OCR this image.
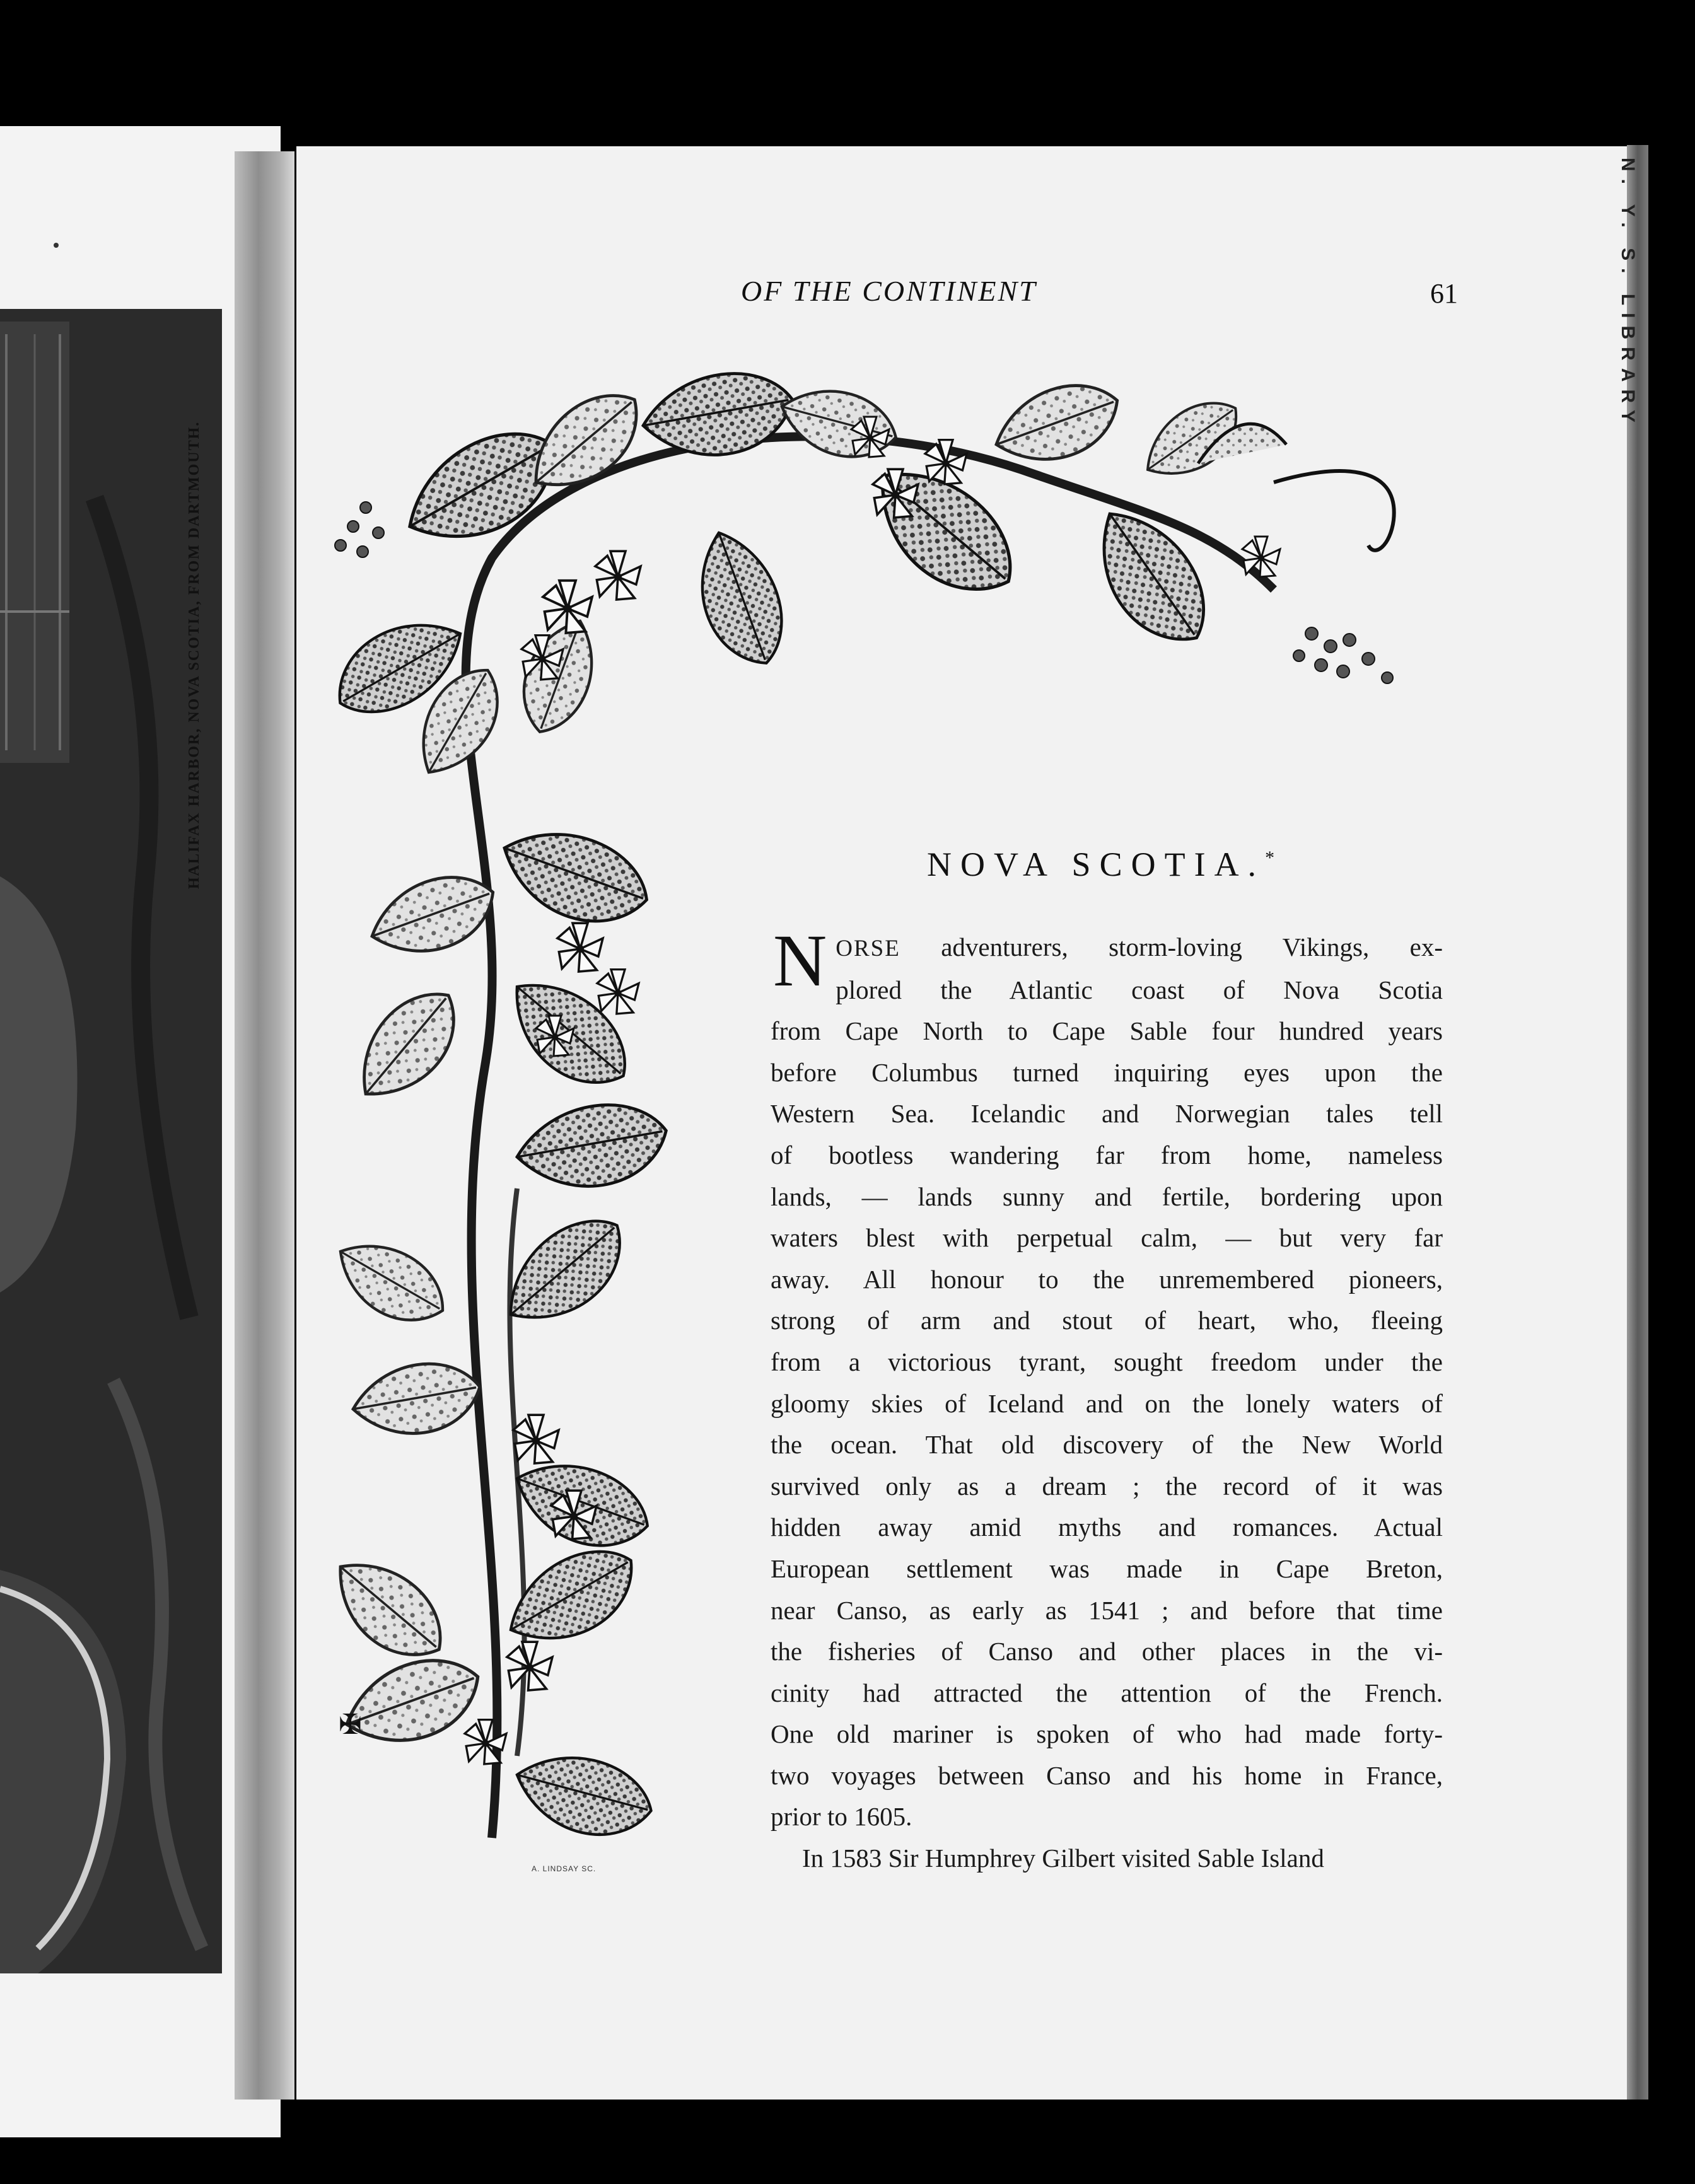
HALIFAX HARBOR, NOVA SCOTIA, FROM DARTMOUTH.
N. Y. S. LIBRARY
OF THE CONTINENT	61
✠
A. LINDSAY SC.
NOVA SCOTIA.*
N ORSE adventurers, storm-loving Vikings, ex-
plored the Atlantic coast of Nova Scotia
from Cape North to Cape Sable four hundred years
before Columbus turned inquiring eyes upon the
Western Sea. Icelandic and Norwegian tales tell
of bootless wandering far from home, nameless
lands, — lands sunny and fertile, bordering upon
waters blest with perpetual calm, — but very far
away. All honour to the unremembered pioneers,
strong of arm and stout of heart, who, fleeing
from a victorious tyrant, sought freedom under the
gloomy skies of Iceland and on the lonely waters of
the ocean. That old discovery of the New World
survived only as a dream ; the record of it was
hidden away amid myths and romances. Actual
European settlement was made in Cape Breton,
near Canso, as early as 1541 ; and before that time
the fisheries of Canso and other places in the vi-
cinity had attracted the attention of the French.
One old mariner is spoken of who had made forty-
two voyages between Canso and his home in France,
prior to 1605.
In 1583 Sir Humphrey Gilbert visited Sable Island
